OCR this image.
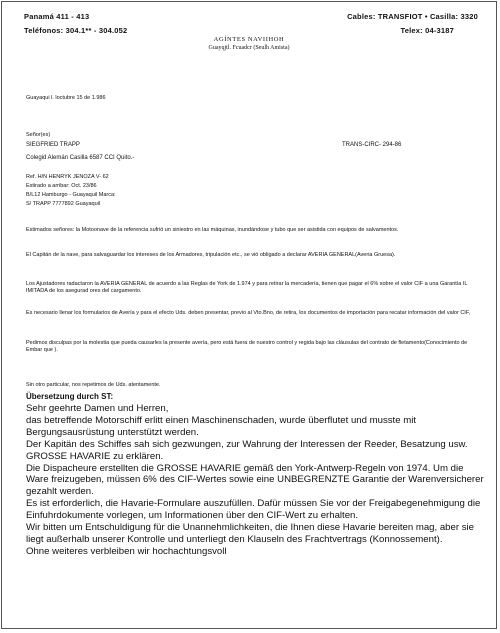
Panamá 411 - 413
Teléfonos: 304.1** - 304.052
Cables: TRANSFIOT • Casilla: 3320
Telex: 04-3187
AGÍNTES NAVIIHOH
Guayqjtl. Fcuadcr (Seulh Amista)
Guayaqui l. loctubre 15 de 1.986
Señor(es)
SIEGFRIED TRAPP	TRANS-CIRC- 294-86
Colegid Alemán Casilla 6587 CCI Quito.-
Ref. H/N HENRYK JENOZA V- 62
Estirado a arribar: Oct. 23/86
B/L12 Hamburgo - Guayaquil Marca:
S/ TRAPP 7777892 Guayaquil
Estimados señores: la Motoonave de la referencia sufrió un siniestro en las máquinas, inundándose y tubo que ser asistida con equipos de salvamentos.
El Capitán de la nave, para salvaguardar los intereses de los Armadores, tripulación etc., se vió obligado a declarar AVERIA GENERAL(Averia Gruesa).
Los Ajustadores radactaron la AVERIA GENERAL de acuerdo a las Reglas de York de 1.974 y para retirar la mercadería, tienen que pagar el 6% sobre el valor CIF a una Garantía IL IMITADA de los asegurad ores del cargamento.
Es necesario llenar los formularios de Avería y para el efecto Uds. deben presentar, previo al Vto.Bno, de retira, los documentos de importación para recatar información del valor CIF,
Pedimos disculpas por la molestia que pueda causarles la presente avería, pero está fuera de nuestro control y regida bajo las cláusulas del contrato de fletamento(Conocimiento de Embar que ).
Sin otro particular, nos repetimos de Uds. atentamente.
Übersetzung durch ST:
Sehr geehrte Damen und Herren,
das betreffende Motorschiff erlitt einen Maschinenschaden, wurde überflutet und musste mit Bergungsausrüstung unterstützt werden.
Der Kapitän des Schiffes sah sich gezwungen, zur Wahrung der Interessen der Reeder, Besatzung usw. GROSSE HAVARIE zu erklären.
Die Dispacheure erstellten die GROSSE HAVARIE gemäß den York-Antwerp-Regeln von 1974. Um die Ware freizugeben, müssen 6% des CIF-Wertes sowie eine UNBEGRENZTE Garantie der Warenversicherer gezahlt werden.
Es ist erforderlich, die Havarie-Formulare auszufüllen. Dafür müssen Sie vor der Freigabegenehmigung die Einfuhrdokumente vorlegen, um Informationen über den CIF-Wert zu erhalten.
Wir bitten um Entschuldigung für die Unannehmlichkeiten, die Ihnen diese Havarie bereiten mag, aber sie liegt außerhalb unserer Kontrolle und unterliegt den Klauseln des Frachtvertrags (Konnossement).
Ohne weiteres verbleiben wir hochachtungsvoll
